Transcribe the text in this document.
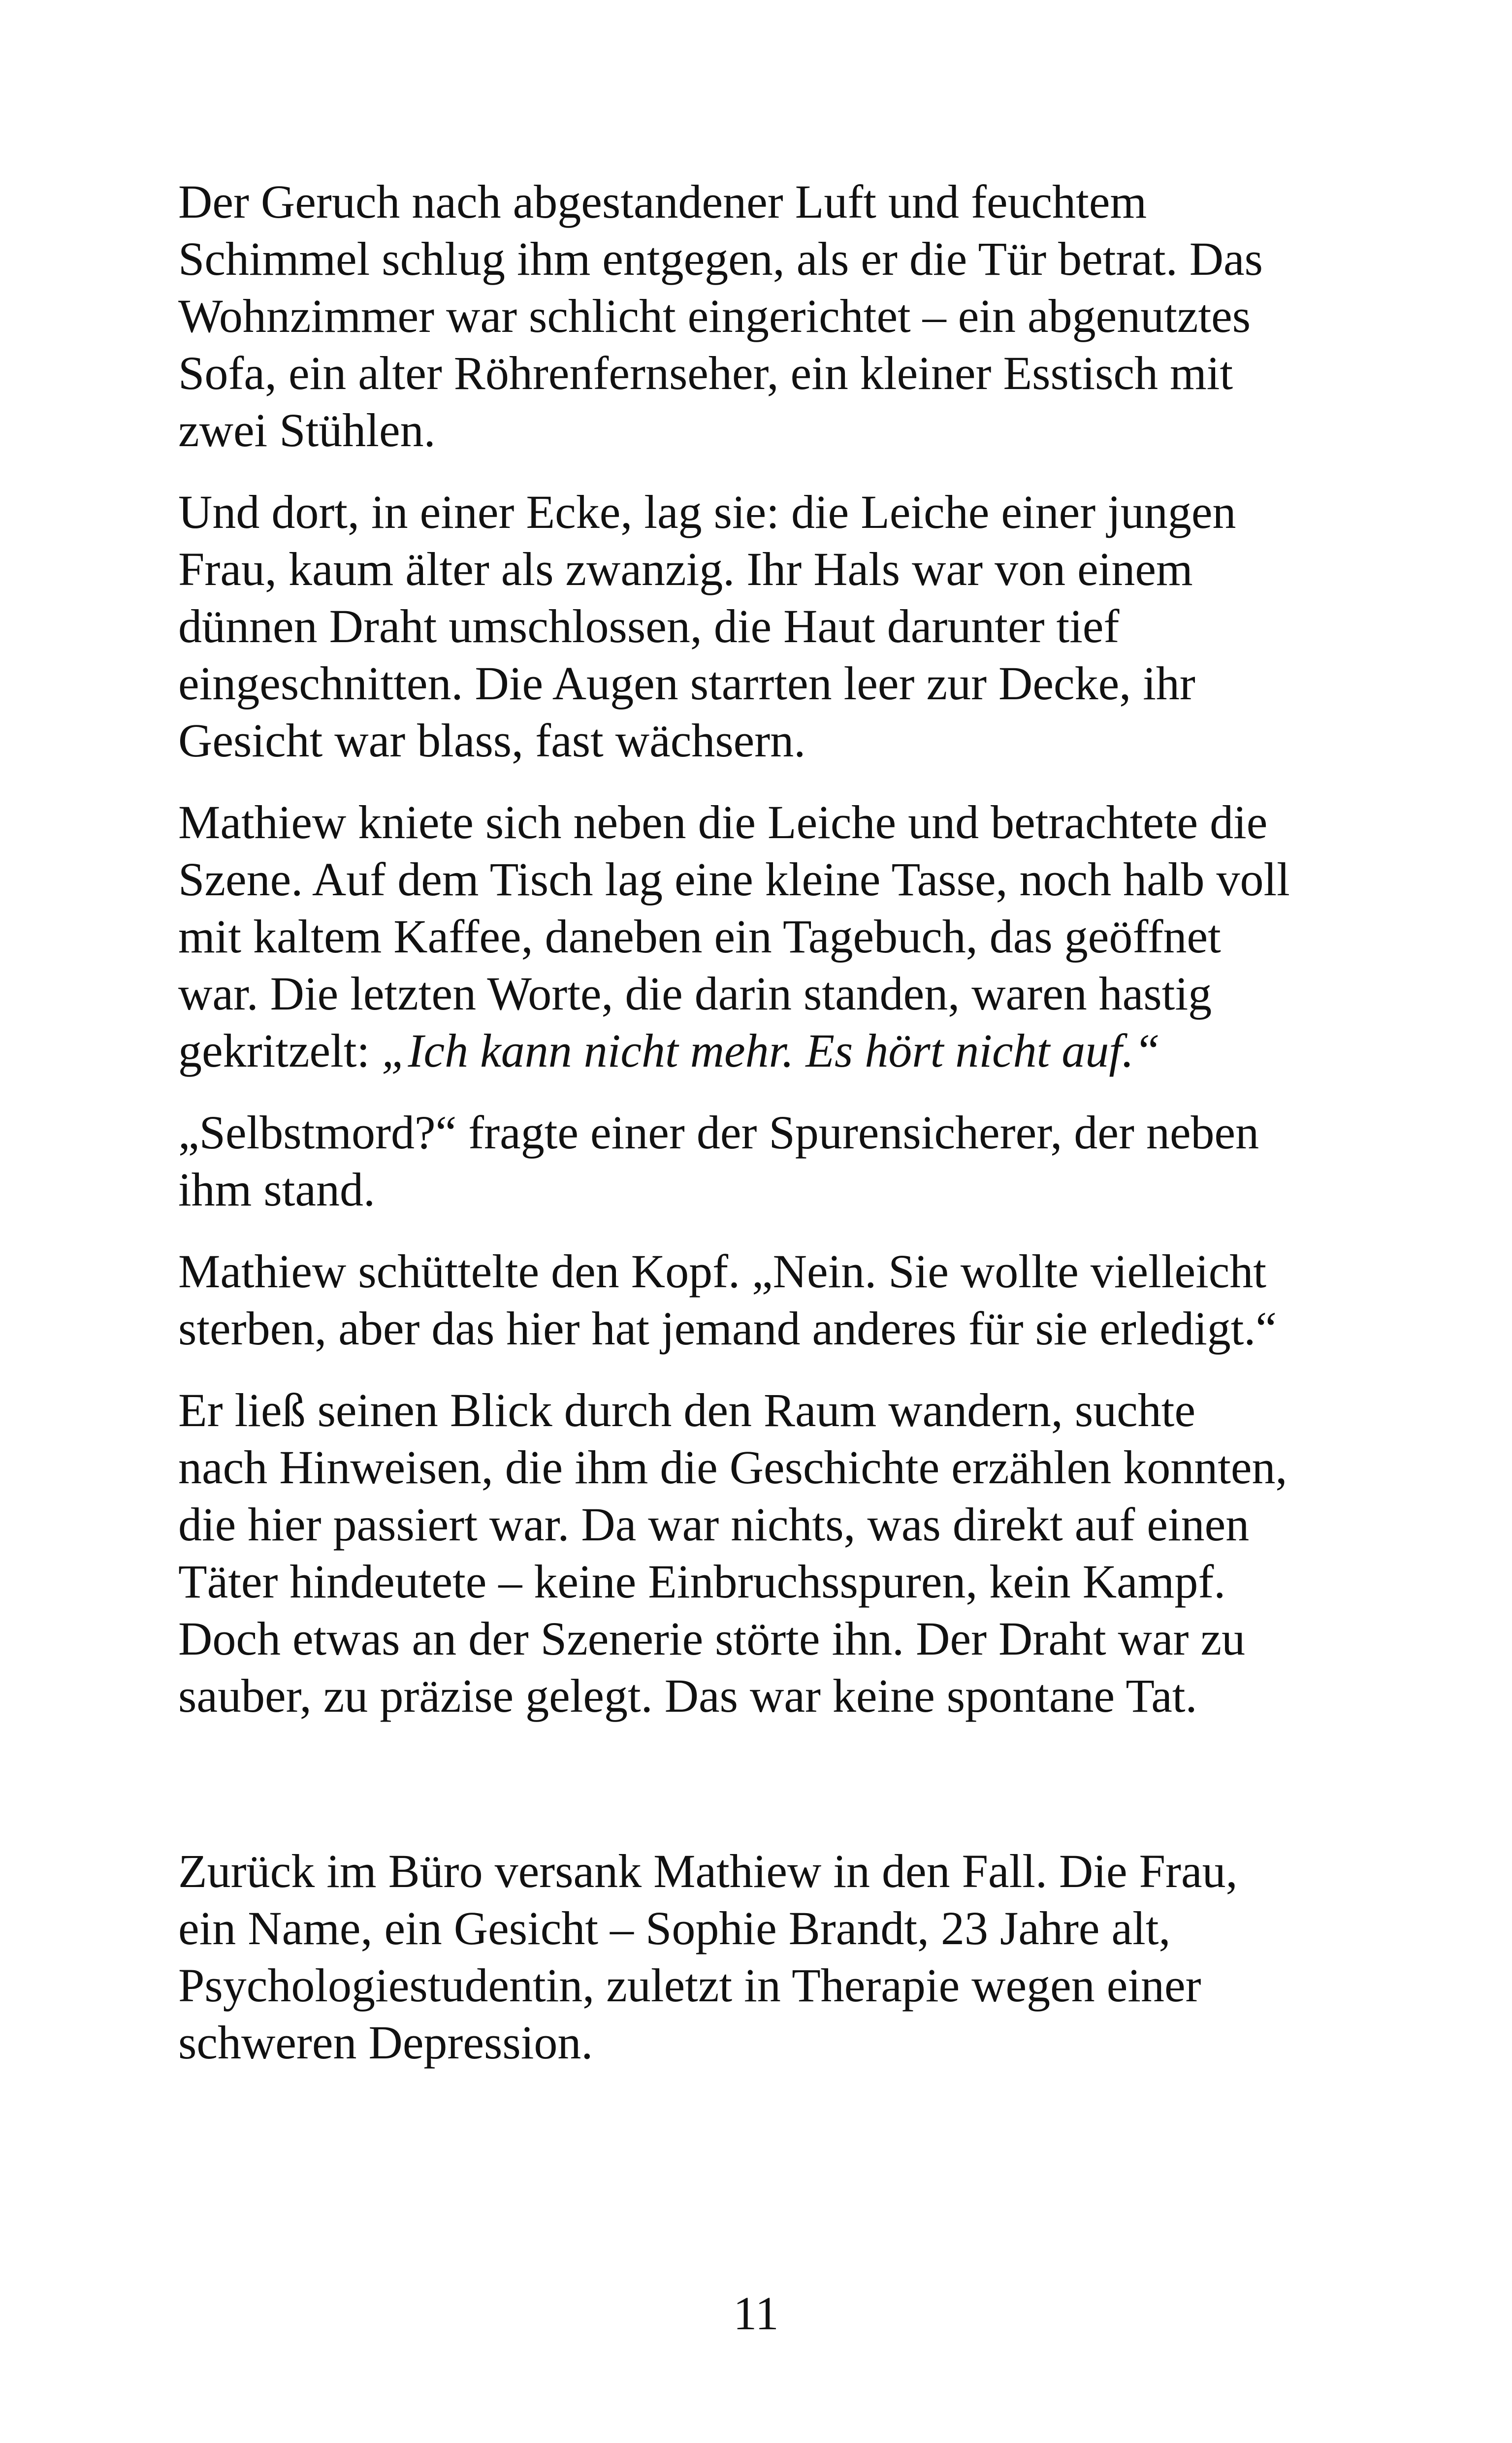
Der Geruch nach abgestandener Luft und feuchtem
Schimmel schlug ihm entgegen, als er die Tür betrat. Das
Wohnzimmer war schlicht eingerichtet – ein abgenutztes
Sofa, ein alter Röhrenfernseher, ein kleiner Esstisch mit
zwei Stühlen.

Und dort, in einer Ecke, lag sie: die Leiche einer jungen
Frau, kaum älter als zwanzig. Ihr Hals war von einem
dünnen Draht umschlossen, die Haut darunter tief
eingeschnitten. Die Augen starrten leer zur Decke, ihr
Gesicht war blass, fast wächsern.

Mathiew kniete sich neben die Leiche und betrachtete die
Szene. Auf dem Tisch lag eine kleine Tasse, noch halb voll
mit kaltem Kaffee, daneben ein Tagebuch, das geöffnet
war. Die letzten Worte, die darin standen, waren hastig
gekritzelt: „Ich kann nicht mehr. Es hört nicht auf.“

„Selbstmord?“ fragte einer der Spurensicherer, der neben
ihm stand.

Mathiew schüttelte den Kopf. „Nein. Sie wollte vielleicht
sterben, aber das hier hat jemand anderes für sie erledigt.“

Er ließ seinen Blick durch den Raum wandern, suchte
nach Hinweisen, die ihm die Geschichte erzählen konnten,
die hier passiert war. Da war nichts, was direkt auf einen
Täter hindeutete – keine Einbruchsspuren, kein Kampf.
Doch etwas an der Szenerie störte ihn. Der Draht war zu
sauber, zu präzise gelegt. Das war keine spontane Tat.

Zurück im Büro versank Mathiew in den Fall. Die Frau,
ein Name, ein Gesicht – Sophie Brandt, 23 Jahre alt,
Psychologiestudentin, zuletzt in Therapie wegen einer
schweren Depression.

11
